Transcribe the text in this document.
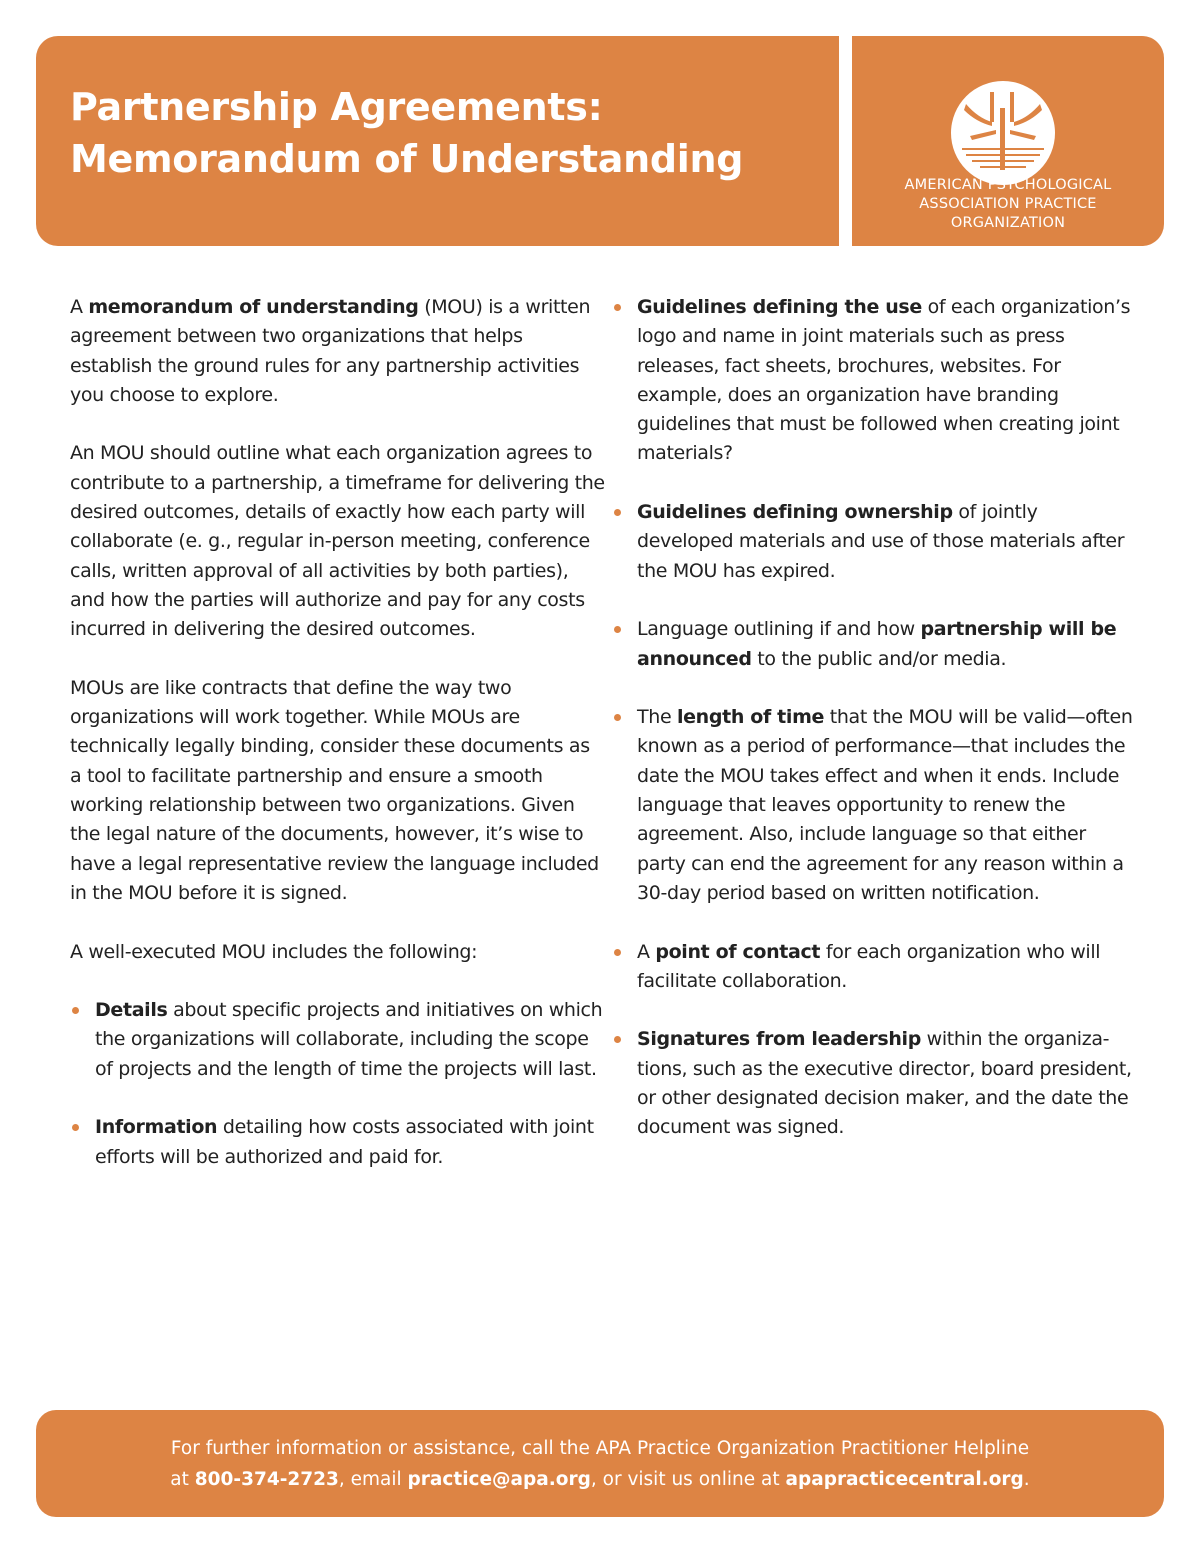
Partnership Agreements:
Memorandum of Understanding
AMERICAN PSYCHOLOGICAL
ASSOCIATION PRACTICE
ORGANIZATION

A memorandum of understanding (MOU) is a written agreement between two organizations that helps establish the ground rules for any partnership activities you choose to explore.

An MOU should outline what each organization agrees to contribute to a partnership, a timeframe for delivering the desired outcomes, details of exactly how each party will collaborate (e. g., regular in-person meeting, conference calls, written approval of all activities by both parties), and how the parties will authorize and pay for any costs incurred in delivering the desired outcomes.

MOUs are like contracts that define the way two organizations will work together. While MOUs are technically legally binding, consider these documents as a tool to facilitate partnership and ensure a smooth working relationship between two organizations. Given the legal nature of the documents, however, it’s wise to have a legal representative review the language included in the MOU before it is signed.

A well-executed MOU includes the following:

Details about specific projects and initiatives on which the organizations will collaborate, including the scope of projects and the length of time the projects will last.
Information detailing how costs associated with joint efforts will be authorized and paid for.
Guidelines defining the use of each organization’s logo and name in joint materials such as press releases, fact sheets, brochures, websites. For example, does an organization have branding guidelines that must be followed when creating joint materials?
Guidelines defining ownership of jointly developed materials and use of those materials after the MOU has expired.
Language outlining if and how partnership will be announced to the public and/or media.
The length of time that the MOU will be valid—often known as a period of performance—that includes the date the MOU takes effect and when it ends. Include language that leaves opportunity to renew the agreement. Also, include language so that either party can end the agreement for any reason within a 30-day period based on written notification.
A point of contact for each organization who will facilitate collaboration.
Signatures from leadership within the organiza-tions, such as the executive director, board president, or other designated decision maker, and the date the document was signed.
For further information or assistance, call the APA Practice Organization Practitioner Helpline
at 800-374-2723, email practice@apa.org, or visit us online at apapracticecentral.org.
